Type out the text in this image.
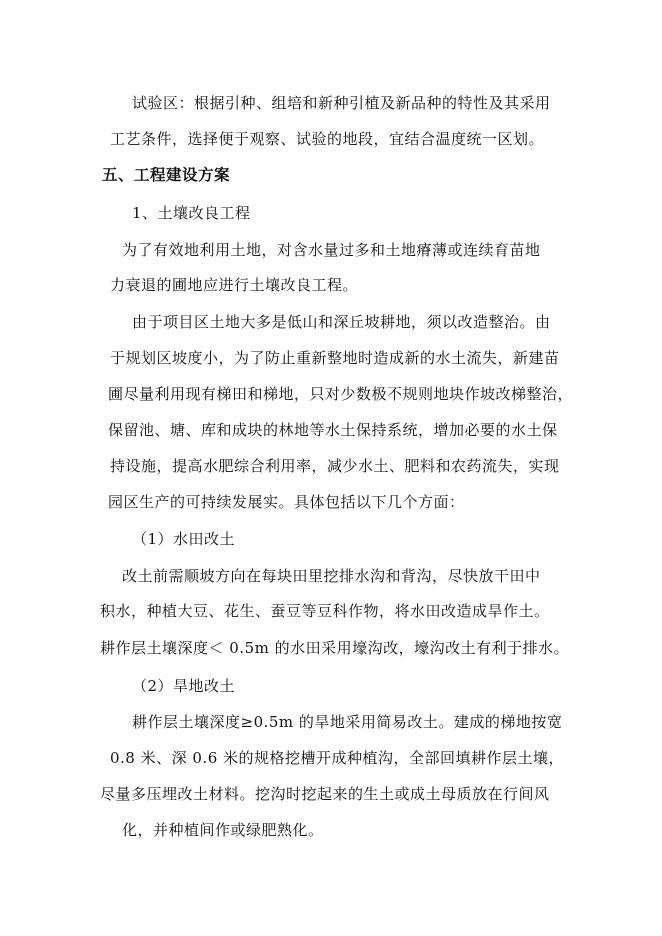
试验区：根据引种、组培和新种引植及新品种的特性及其采用
工艺条件，选择便于观察、试验的地段，宜结合温度统一区划。
五、工程建设方案
1、土壤改良工程
为了有效地利用土地，对含水量过多和土地瘠薄或连续育苗地
力衰退的圃地应进行土壤改良工程。
由于项目区土地大多是低山和深丘坡耕地，须以改造整治。由
于规划区坡度小，为了防止重新整地时造成新的水土流失，新建苗
圃尽量利用现有梯田和梯地，只对少数极不规则地块作坡改梯整治，
保留池、塘、库和成块的林地等水土保持系统，增加必要的水土保
持设施，提高水肥综合利用率，减少水土、肥料和农药流失，实现
园区生产的可持续发展实。具体包括以下几个方面：
（1）水田改土
改土前需顺坡方向在每块田里挖排水沟和背沟，尽快放干田中
积水，种植大豆、花生、蚕豆等豆科作物，将水田改造成旱作土。
耕作层土壤深度＜ 0.5m 的水田采用壕沟改，壕沟改土有利于排水。
（2）旱地改土
耕作层土壤深度≥0.5m 的旱地采用简易改土。建成的梯地按宽
0.8 米、深 0.6 米的规格挖槽开成种植沟，全部回填耕作层土壤，
尽量多压埋改土材料。挖沟时挖起来的生土或成土母质放在行间风
化，并种植间作或绿肥熟化。
